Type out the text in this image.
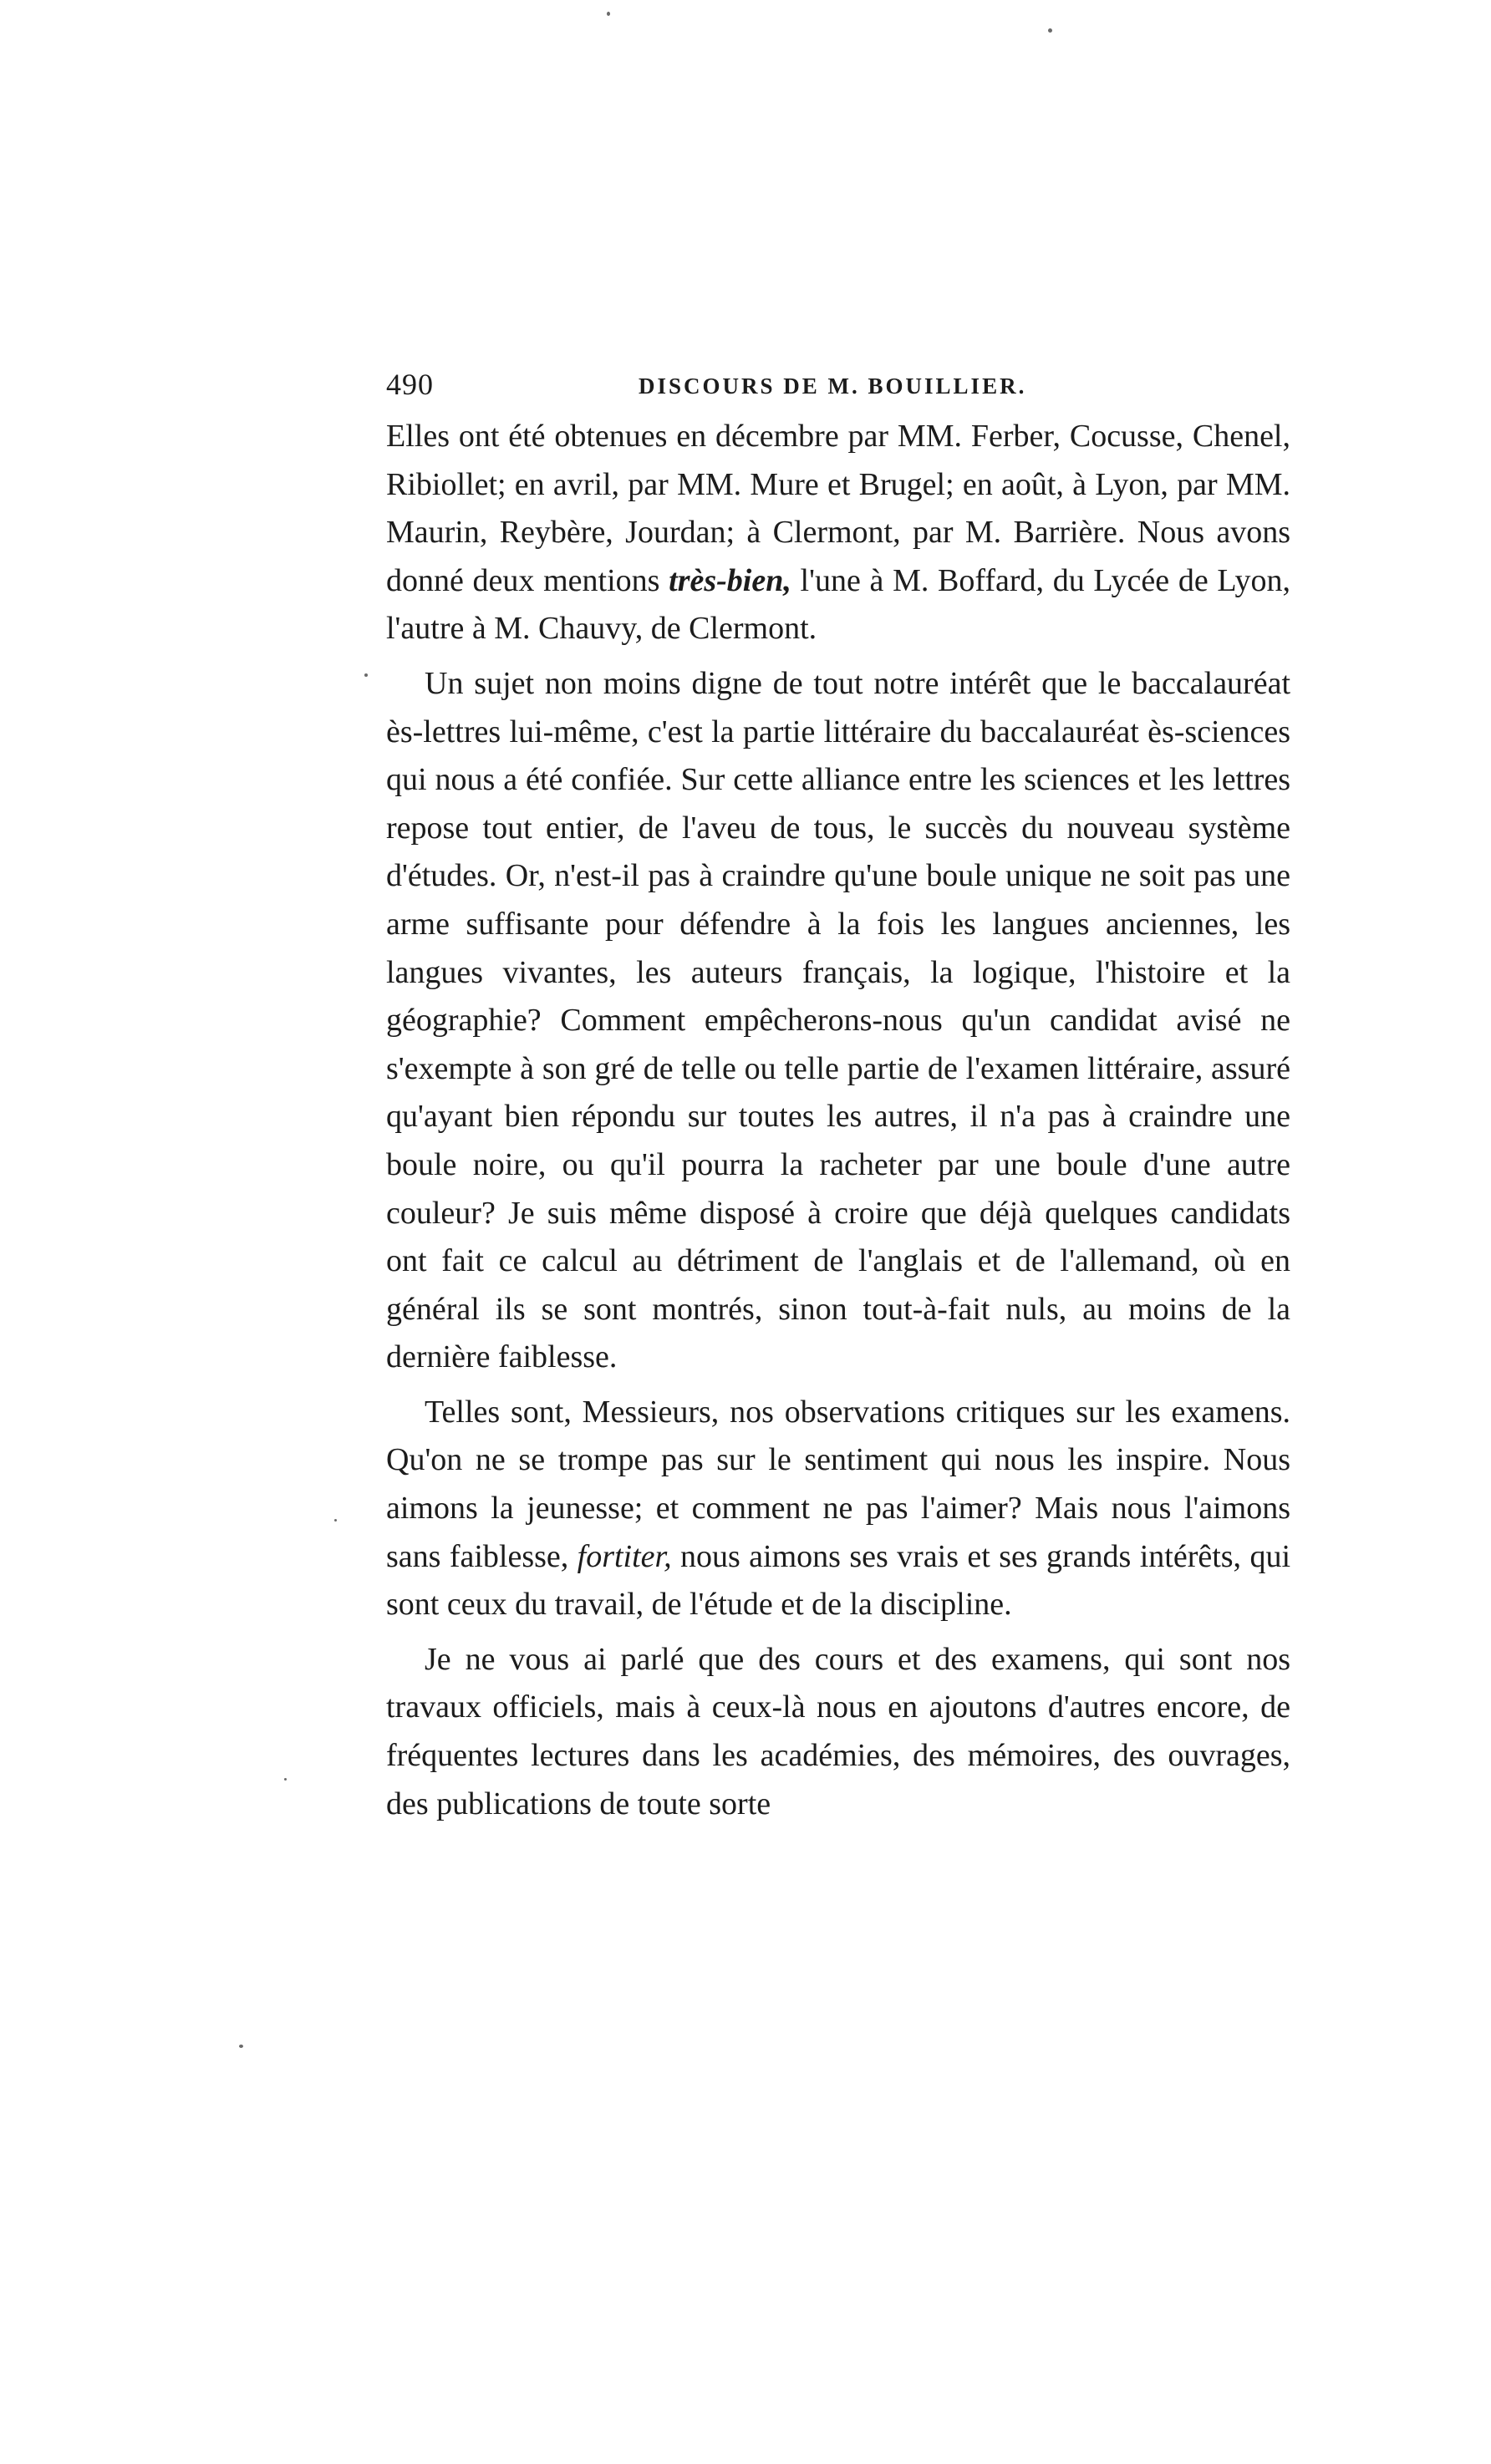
490	DISCOURS DE M. BOUILLIER.

Elles ont été obtenues en décembre par MM. Ferber, Cocusse, Chenel, Ribiollet; en avril, par MM. Mure et Brugel; en août, à Lyon, par MM. Maurin, Reybère, Jourdan; à Clermont, par M. Barrière. Nous avons donné deux mentions très-bien, l'une à M. Boffard, du Lycée de Lyon, l'autre à M. Chauvy, de Clermont.

Un sujet non moins digne de tout notre intérêt que le baccalauréat ès-lettres lui-même, c'est la partie littéraire du baccalauréat ès-sciences qui nous a été confiée. Sur cette alliance entre les sciences et les lettres repose tout entier, de l'aveu de tous, le succès du nouveau système d'études. Or, n'est-il pas à craindre qu'une boule unique ne soit pas une arme suffisante pour défendre à la fois les langues anciennes, les langues vivantes, les auteurs français, la logique, l'histoire et la géographie? Comment empêcherons-nous qu'un candidat avisé ne s'exempte à son gré de telle ou telle partie de l'examen littéraire, assuré qu'ayant bien répondu sur toutes les autres, il n'a pas à craindre une boule noire, ou qu'il pourra la racheter par une boule d'une autre couleur? Je suis même disposé à croire que déjà quelques candidats ont fait ce calcul au détriment de l'anglais et de l'allemand, où en général ils se sont montrés, sinon tout-à-fait nuls, au moins de la dernière faiblesse.

Telles sont, Messieurs, nos observations critiques sur les examens. Qu'on ne se trompe pas sur le sentiment qui nous les inspire. Nous aimons la jeunesse; et comment ne pas l'aimer? Mais nous l'aimons sans faiblesse, fortiter, nous aimons ses vrais et ses grands intérêts, qui sont ceux du travail, de l'étude et de la discipline.

Je ne vous ai parlé que des cours et des examens, qui sont nos travaux officiels, mais à ceux-là nous en ajoutons d'autres encore, de fréquentes lectures dans les académies, des mémoires, des ouvrages, des publications de toute sorte
